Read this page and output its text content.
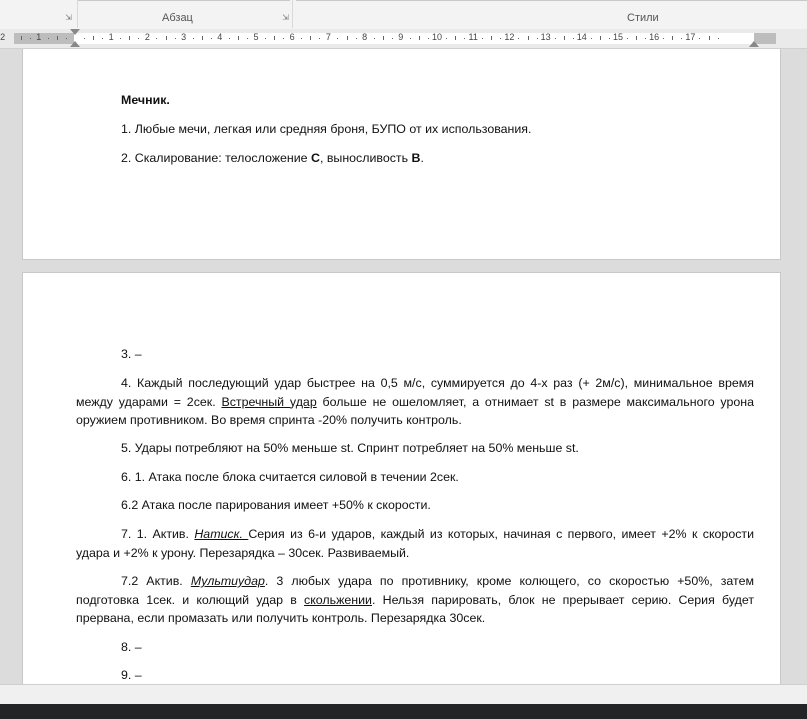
⇲	Абзац	⇲	Стили
2	1	1	2	3	4	5	6	7	8	9	10	11	12	13	14	15	16	17

Мечник.

1. Любые мечи, легкая или средняя броня, БУПО от их использования.

2. Скалирование: телосложение C, выносливость B.

3. –

4. Каждый последующий удар быстрее на 0,5 м/с, суммируется до 4-х раз (+ 2м/с), минимальное время между ударами = 2сек. Встречный удар больше не ошеломляет, а отнимает st в размере максимального урона оружием противником. Во время спринта -20% получить контроль.

5. Удары потребляют на 50% меньше st. Спринт потребляет на 50% меньше st.

6. 1. Атака после блока считается силовой в течении 2сек.

6.2 Атака после парирования имеет +50% к скорости.

7. 1. Актив. Натиск. Серия из 6-и ударов, каждый из которых, начиная с первого, имеет +2% к скорости удара и +2% к урону. Перезарядка – 30сек. Развиваемый.

7.2 Актив. Мультиудар. 3 любых удара по противнику, кроме колющего, со скоростью +50%, затем подготовка 1сек. и колющий удар в скольжении. Нельзя парировать, блок не прерывает серию. Серия будет прервана, если промазать или получить контроль. Перезарядка 30сек.

8. –

9. –
